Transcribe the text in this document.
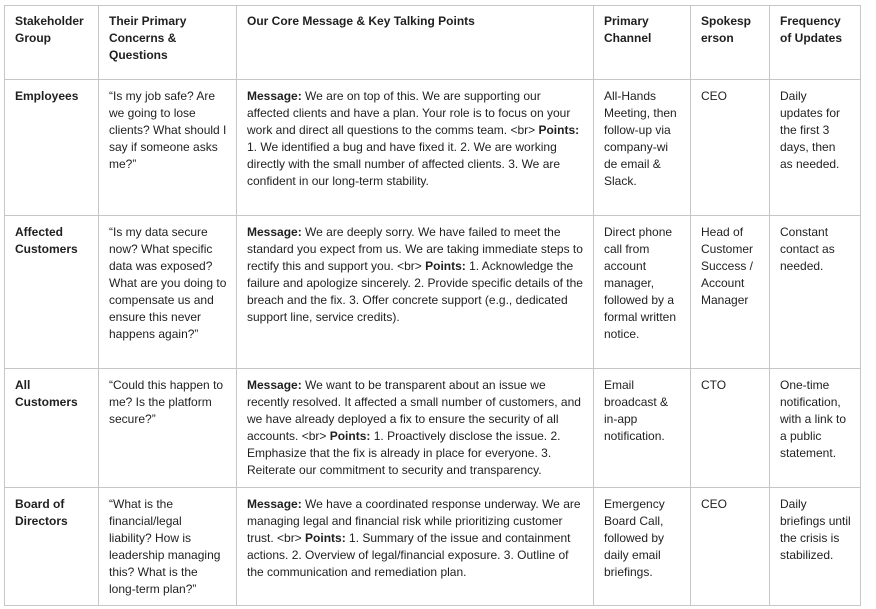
Stakeholder Group	Their Primary Concerns & Questions	Our Core Message & Key Talking Points	Primary Channel	Spokesp erson	Frequency of Updates
Employees	“Is my job safe? Are we going to lose clients? What should I say if someone asks me?”	Message: We are on top of this. We are supporting our affected clients and have a plan. Your role is to focus on your work and direct all questions to the comms team. <br> Points: 1. We identified a bug and have fixed it. 2. We are working directly with the small number of affected clients. 3. We are confident in our long-term stability.	All-Hands Meeting, then follow-up via company-wi de email & Slack.	CEO	Daily updates for the first 3 days, then as needed.
Affected Customers	“Is my data secure now? What specific data was exposed? What are you doing to compensate us and ensure this never happens again?”	Message: We are deeply sorry. We have failed to meet the standard you expect from us. We are taking immediate steps to rectify this and support you. <br> Points: 1. Acknowledge the failure and apologize sincerely. 2. Provide specific details of the breach and the fix. 3. Offer concrete support (e.g., dedicated support line, service credits).	Direct phone call from account manager, followed by a formal written notice.	Head of Customer Success / Account Manager	Constant contact as needed.
All Customers	“Could this happen to me? Is the platform secure?”	Message: We want to be transparent about an issue we recently resolved. It affected a small number of customers, and we have already deployed a fix to ensure the security of all accounts. <br> Points: 1. Proactively disclose the issue. 2. Emphasize that the fix is already in place for everyone. 3. Reiterate our commitment to security and transparency.	Email broadcast & in-app notification.	CTO	One-time notification, with a link to a public statement.
Board of Directors	“What is the financial/legal liability? How is leadership managing this? What is the long-term plan?”	Message: We have a coordinated response underway. We are managing legal and financial risk while prioritizing customer trust. <br> Points: 1. Summary of the issue and containment actions. 2. Overview of legal/financial exposure. 3. Outline of the communication and remediation plan.	Emergency Board Call, followed by daily email briefings.	CEO	Daily briefings until the crisis is stabilized.
